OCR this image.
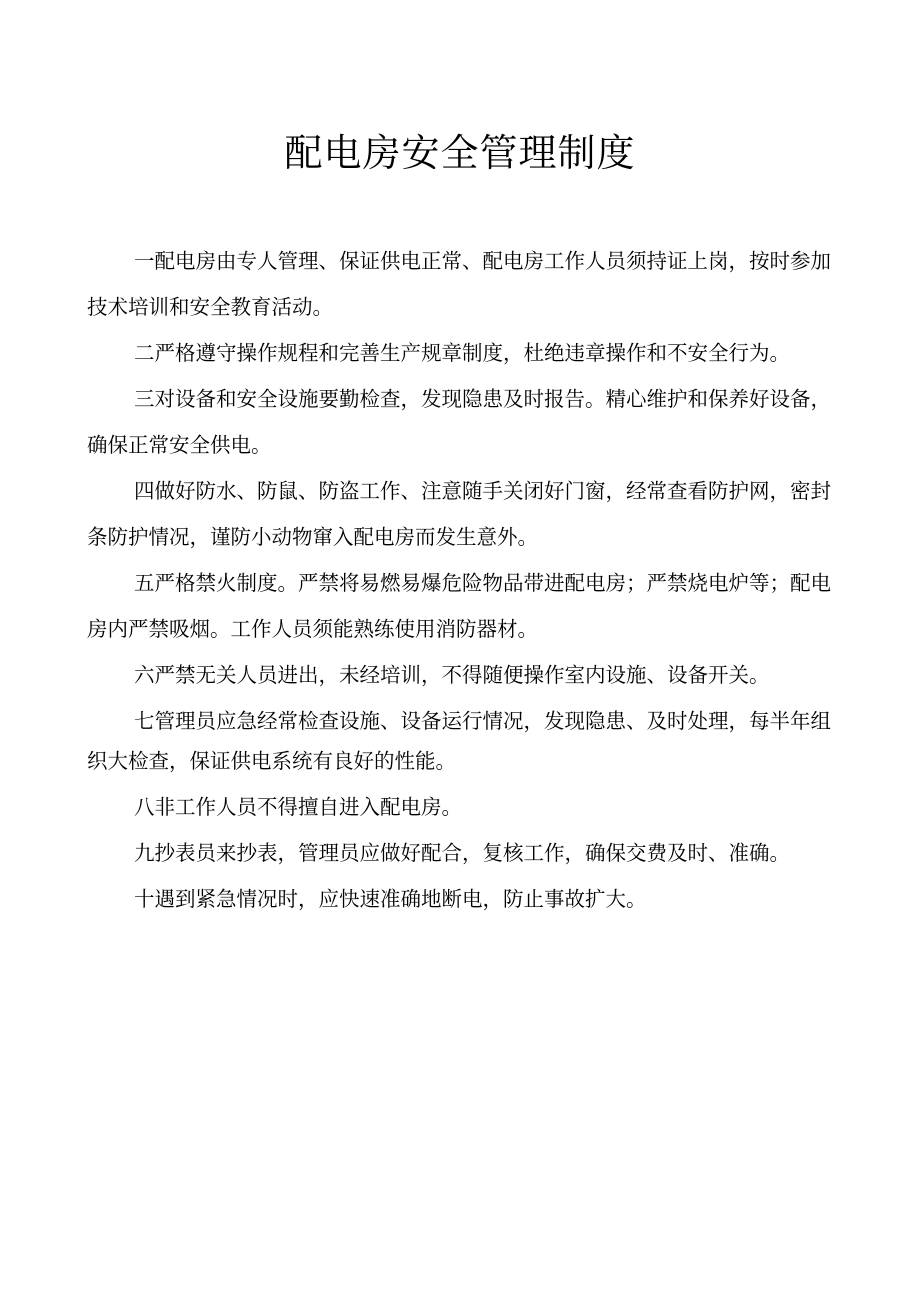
配电房安全管理制度

一配电房由专人管理、保证供电正常、配电房工作人员须持证上岗，按时参加技术培训和安全教育活动。

二严格遵守操作规程和完善生产规章制度，杜绝违章操作和不安全行为。

三对设备和安全设施要勤检查，发现隐患及时报告。精心维护和保养好设备，确保正常安全供电。

四做好防水、防鼠、防盗工作、注意随手关闭好门窗，经常查看防护网，密封条防护情况，谨防小动物窜入配电房而发生意外。

五严格禁火制度。严禁将易燃易爆危险物品带进配电房；严禁烧电炉等；配电房内严禁吸烟。工作人员须能熟练使用消防器材。

六严禁无关人员进出，未经培训，不得随便操作室内设施、设备开关。

七管理员应急经常检查设施、设备运行情况，发现隐患、及时处理，每半年组织大检查，保证供电系统有良好的性能。

八非工作人员不得擅自进入配电房。

九抄表员来抄表，管理员应做好配合，复核工作，确保交费及时、准确。

十遇到紧急情况时，应快速准确地断电，防止事故扩大。
